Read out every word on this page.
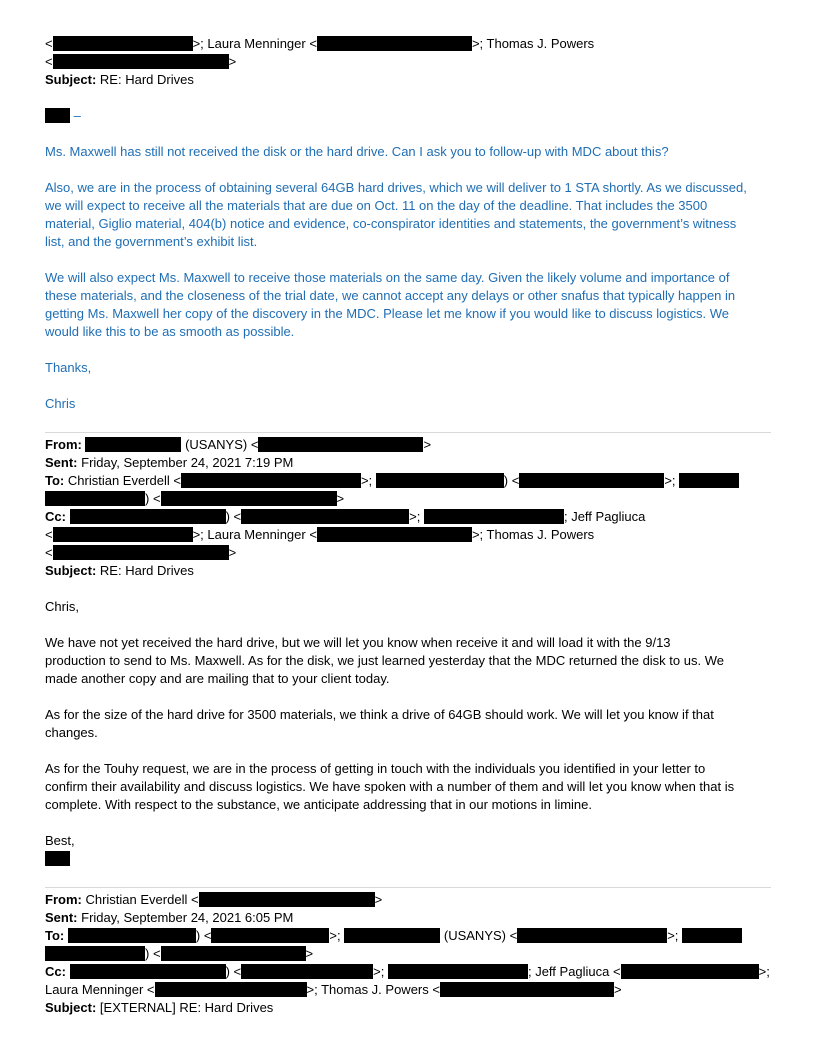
<	>; Laura Menninger <	>; Thomas J. Powers
<	>
Subject: RE: Hard Drives
–
Ms. Maxwell has still not received the disk or the hard drive. Can I ask you to follow-up with MDC about this?
Also, we are in the process of obtaining several 64GB hard drives, which we will deliver to 1 STA shortly. As we discussed,
we will expect to receive all the materials that are due on Oct. 11 on the day of the deadline. That includes the 3500
material, Giglio material, 404(b) notice and evidence, co-conspirator identities and statements, the government’s witness
list, and the government’s exhibit list.
We will also expect Ms. Maxwell to receive those materials on the same day. Given the likely volume and importance of
these materials, and the closeness of the trial date, we cannot accept any delays or other snafus that typically happen in
getting Ms. Maxwell her copy of the discovery in the MDC. Please let me know if you would like to discuss logistics. We
would like this to be as smooth as possible.
Thanks,
Chris
From:	(USANYS) <	>
Sent: Friday, September 24, 2021 7:19 PM
To: Christian Everdell <	>;	) <	>;
) <	>
Cc:	) <	>;	; Jeff Pagliuca
<	>; Laura Menninger <	>; Thomas J. Powers
<	>
Subject: RE: Hard Drives
Chris,
We have not yet received the hard drive, but we will let you know when receive it and will load it with the 9/13
production to send to Ms. Maxwell. As for the disk, we just learned yesterday that the MDC returned the disk to us. We
made another copy and are mailing that to your client today.
As for the size of the hard drive for 3500 materials, we think a drive of 64GB should work. We will let you know if that
changes.
As for the Touhy request, we are in the process of getting in touch with the individuals you identified in your letter to
confirm their availability and discuss logistics. We have spoken with a number of them and will let you know when that is
complete. With respect to the substance, we anticipate addressing that in our motions in limine.
Best,
From: Christian Everdell <	>
Sent: Friday, September 24, 2021 6:05 PM
To:	) <	>;	(USANYS) <	>;
) <	>
Cc:	) <	>;	; Jeff Pagliuca <	>;
Laura Menninger <	>; Thomas J. Powers <	>
Subject: [EXTERNAL] RE: Hard Drives
